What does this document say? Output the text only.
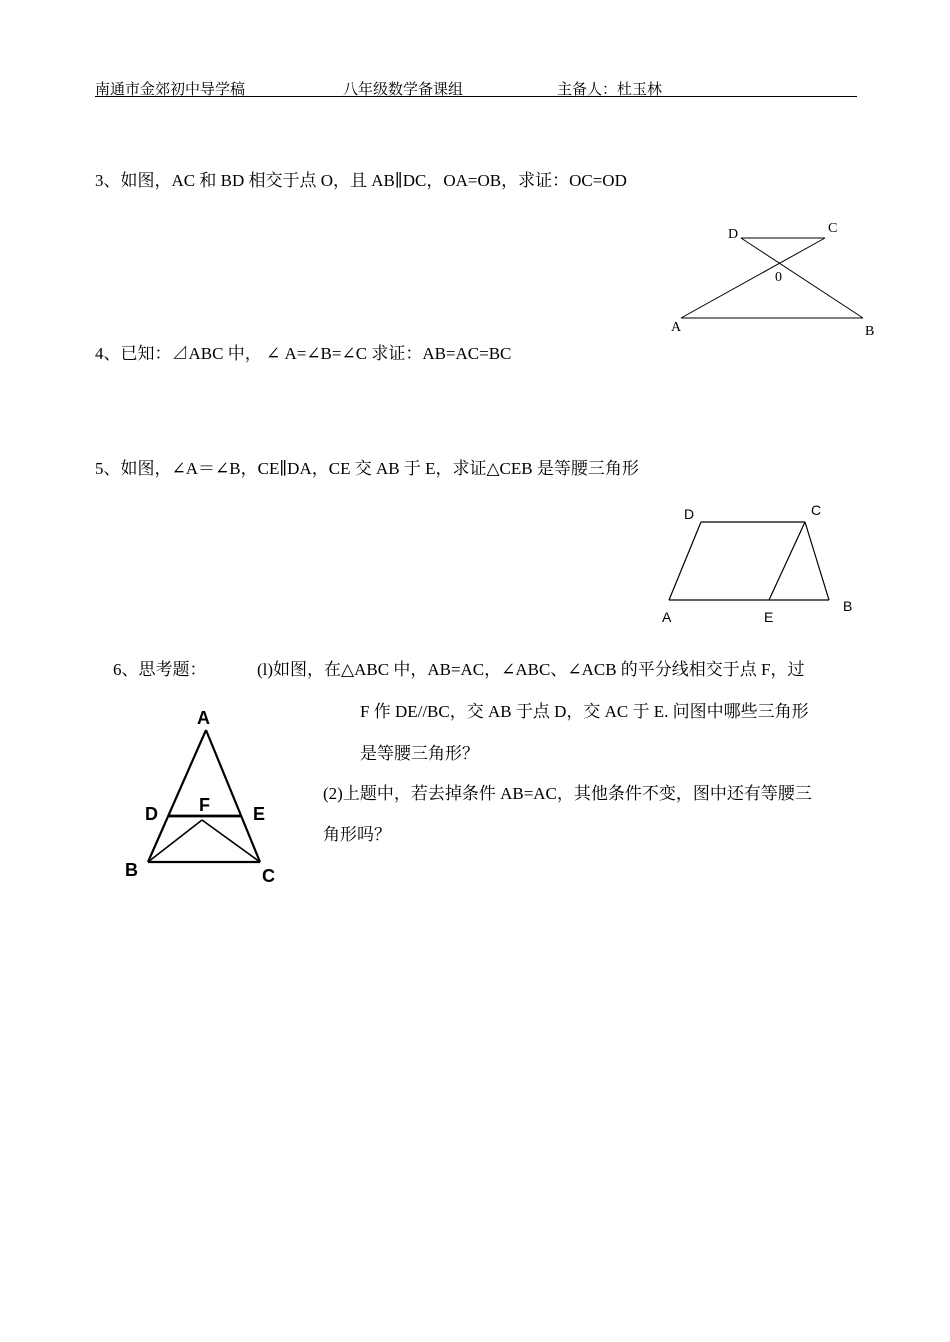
南通市金郊初中导学稿	八年级数学备课组	主备人：杜玉林
3、如图，AC 和 BD 相交于点 O，且 AB∥DC，OA=OB，求证：OC=OD
D	C
0
A	B
4、已知：⊿ABC 中， ∠ A=∠B=∠C 求证：AB=AC=BC
5、如图，∠A＝∠B，CE∥DA，CE 交 AB 于 E，求证△CEB 是等腰三角形
D	C
A	E
B
6、思考题：	(l)如图，在△ABC 中，AB=AC，∠ABC、∠ACB 的平分线相交于点 F，过
F 作 DE//BC，交 AB 于点 D，交 AC 于 E. 问图中哪些三角形
是等腰三角形？
(2)上题中，若去掉条件 AB=AC，其他条件不变，图中还有等腰三
角形吗？
A
D F E
B	C
